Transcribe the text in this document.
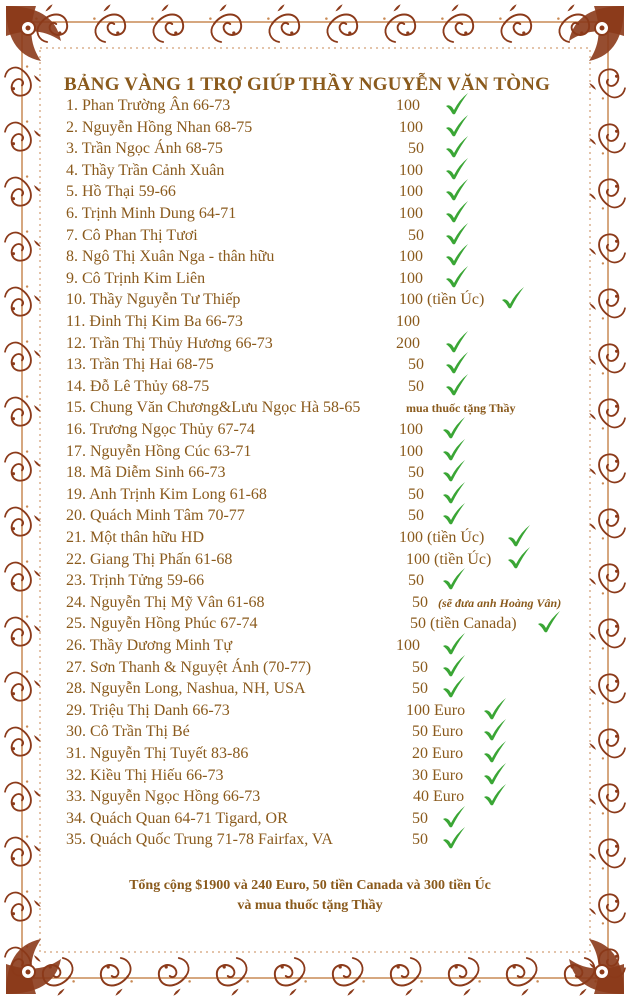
BẢNG VÀNG 1 TRỢ GIÚP THẦY NGUYỄN VĂN TÒNG
1. Phan Trường Ân 66-73	100
2. Nguyễn Hồng Nhan 68-75	100
3. Trần Ngọc Ánh 68-75	50
4. Thầy Trần Cảnh Xuân	100
5. Hồ Thại 59-66	100
6. Trịnh Minh Dung 64-71	100
7. Cô Phan Thị Tươi	50
8. Ngô Thị Xuân Nga - thân hữu	100
9. Cô Trịnh Kim Liên	100
10. Thầy Nguyễn Tư Thiếp	100 (tiền Úc)
11. Đinh Thị Kim Ba 66-73	100
12. Trần Thị Thủy Hương 66-73	200
13. Trần Thị Hai 68-75	50
14. Đỗ Lê Thủy 68-75	50
15. Chung Văn Chương&Lưu Ngọc Hà 58-65	mua thuốc tặng Thầy
16. Trương Ngọc Thủy 67-74	100
17. Nguyễn Hồng Cúc 63-71	100
18. Mã Diễm Sinh 66-73	50
19. Anh Trịnh Kim Long 61-68	50
20. Quách Minh Tâm 70-77	50
21. Một thân hữu HD	100 (tiền Úc)
22. Giang Thị Phấn 61-68	100 (tiền Úc)
23. Trịnh Tửng 59-66	50
24. Nguyễn Thị Mỹ Vân 61-68	50 (sẽ đưa anh Hoàng Vân)
25. Nguyễn Hồng Phúc 67-74	50 (tiền Canada)
26. Thầy Dương Minh Tự	100
27. Sơn Thanh & Nguyệt Ánh (70-77)	50
28. Nguyễn Long, Nashua, NH, USA	50
29. Triệu Thị Danh 66-73	100 Euro
30. Cô Trần Thị Bé	50 Euro
31. Nguyễn Thị Tuyết 83-86	20 Euro
32. Kiều Thị Hiếu 66-73	30 Euro
33. Nguyễn Ngọc Hồng 66-73	40 Euro
34. Quách Quan 64-71 Tigard, OR	50
35. Quách Quốc Trung 71-78 Fairfax, VA	50
Tổng cộng $1900 và 240 Euro, 50 tiền Canada và 300 tiền Úc
và mua thuốc tặng Thầy
